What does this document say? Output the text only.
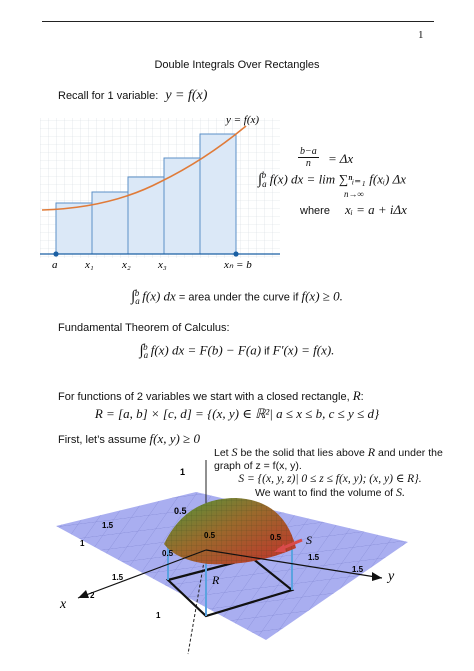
1
Double Integrals Over Rectangles
Recall for 1 variable: y = f(x)
y = f(x)
a	x₁	x₂ x₃	xₙ = b
$\frac{b-a}{n} = \Delta x$
$\int_a^b$ f(x) dx = lim ∑ⁿᵢ₌₁ f(xᵢ) Δx
n→∞
where xᵢ = a + iΔx
$\int_a^b$ f(x) dx = area under the curve if f(x) ≥ 0.
Fundamental Theorem of Calculus:
$\int_a^b$ f(x) dx = F(b) − F(a) if F′(x) = f(x).
For functions of 2 variables we start with a closed rectangle, R:
R = [a, b] × [c, d] = {(x, y) ∈ ℝ²| a ≤ x ≤ b, c ≤ y ≤ d}
First, let’s assume f(x, y) ≥ 0
1
0.5
R
S
y
x
1.5
1
0.5
0.5	0.5
1.5
1.5
1.5
1
2
Let S be the solid that lies above R and under the
graph of z = f(x, y).
S = {(x, y, z)| 0 ≤ z ≤ f(x, y); (x, y) ∈ R}.
We want to find the volume of S.
